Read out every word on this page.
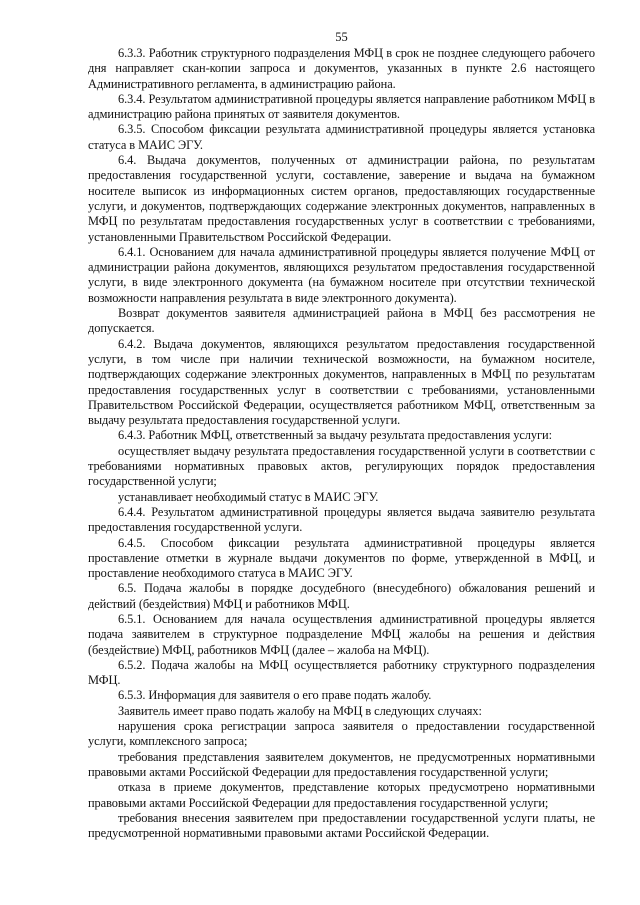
55

6.3.3. Работник структурного подразделения МФЦ в срок не позднее следующего рабочего дня направляет скан-копии запроса и документов, указанных в пункте 2.6 настоящего Административного регламента, в администрацию района.

6.3.4. Результатом административной процедуры является направление работником МФЦ в администрацию района принятых от заявителя документов.

6.3.5. Способом фиксации результата административной процедуры является установка статуса в МАИС ЭГУ.

6.4. Выдача документов, полученных от администрации района, по результатам предоставления государственной услуги, составление, заверение и выдача на бумажном носителе выписок из информационных систем органов, предоставляющих государственные услуги, и документов, подтверждающих содержание электронных документов, направленных в МФЦ по результатам предоставления государственных услуг в соответствии с требованиями, установленными Правительством Российской Федерации.

6.4.1. Основанием для начала административной процедуры является получение МФЦ от администрации района документов, являющихся результатом предоставления государственной услуги, в виде электронного документа (на бумажном носителе при отсутствии технической возможности направления результата в виде электронного документа).

Возврат документов заявителя администрацией района в МФЦ без рассмотрения не допускается.

6.4.2. Выдача документов, являющихся результатом предоставления государственной услуги, в том числе при наличии технической возможности, на бумажном носителе, подтверждающих содержание электронных документов, направленных в МФЦ по результатам предоставления государственных услуг в соответствии с требованиями, установленными Правительством Российской Федерации, осуществляется работником МФЦ, ответственным за выдачу результата предоставления государственной услуги.

6.4.3. Работник МФЦ, ответственный за выдачу результата предоставления услуги:

осуществляет выдачу результата предоставления государственной услуги в соответствии с требованиями нормативных правовых актов, регулирующих порядок предоставления государственной услуги;

устанавливает необходимый статус в МАИС ЭГУ.

6.4.4. Результатом административной процедуры является выдача заявителю результата предоставления государственной услуги.

6.4.5. Способом фиксации результата административной процедуры является проставление отметки в журнале выдачи документов по форме, утвержденной в МФЦ, и проставление необходимого статуса в МАИС ЭГУ.

6.5. Подача жалобы в порядке досудебного (внесудебного) обжалования решений и действий (бездействия) МФЦ и работников МФЦ.

6.5.1. Основанием для начала осуществления административной процедуры является подача заявителем в структурное подразделение МФЦ жалобы на решения и действия (бездействие) МФЦ, работников МФЦ (далее – жалоба на МФЦ).

6.5.2. Подача жалобы на МФЦ осуществляется работнику структурного подразделения МФЦ.

6.5.3. Информация для заявителя о его праве подать жалобу.

Заявитель имеет право подать жалобу на МФЦ в следующих случаях:

нарушения срока регистрации запроса заявителя о предоставлении государственной услуги, комплексного запроса;

требования представления заявителем документов, не предусмотренных нормативными правовыми актами Российской Федерации для предоставления государственной услуги;

отказа в приеме документов, представление которых предусмотрено нормативными правовыми актами Российской Федерации для предоставления государственной услуги;

требования внесения заявителем при предоставлении государственной услуги платы, не предусмотренной нормативными правовыми актами Российской Федерации.
